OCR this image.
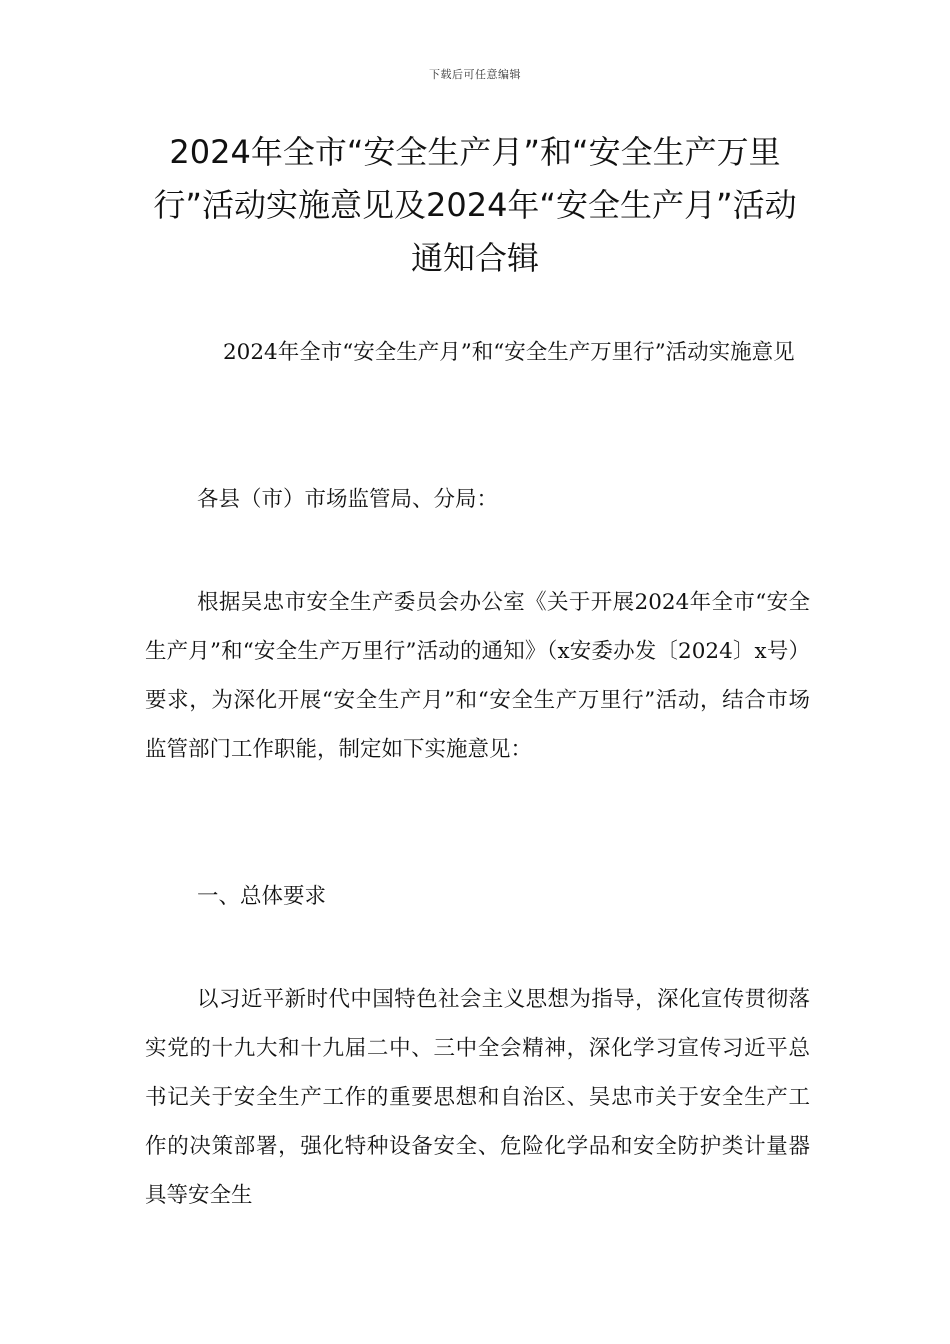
下载后可任意编辑
2024年全市“安全生产月”和“安全生产万里行”活动实施意见及2024年“安全生产月”活动通知合辑

2024年全市“安全生产月”和“安全生产万里行”活动实施意见

各县（市）市场监管局、分局：

根据吴忠市安全生产委员会办公室《关于开展2024年全市“安全生产月”和“安全生产万里行”活动的通知》（x安委办发〔2024〕x号）要求，为深化开展“安全生产月”和“安全生产万里行”活动，结合市场监管部门工作职能，制定如下实施意见：

一、总体要求

以习近平新时代中国特色社会主义思想为指导，深化宣传贯彻落实党的十九大和十九届二中、三中全会精神，深化学习宣传习近平总书记关于安全生产工作的重要思想和自治区、吴忠市关于安全生产工作的决策部署，强化特种设备安全、危险化学品和安全防护类计量器具等安全生
